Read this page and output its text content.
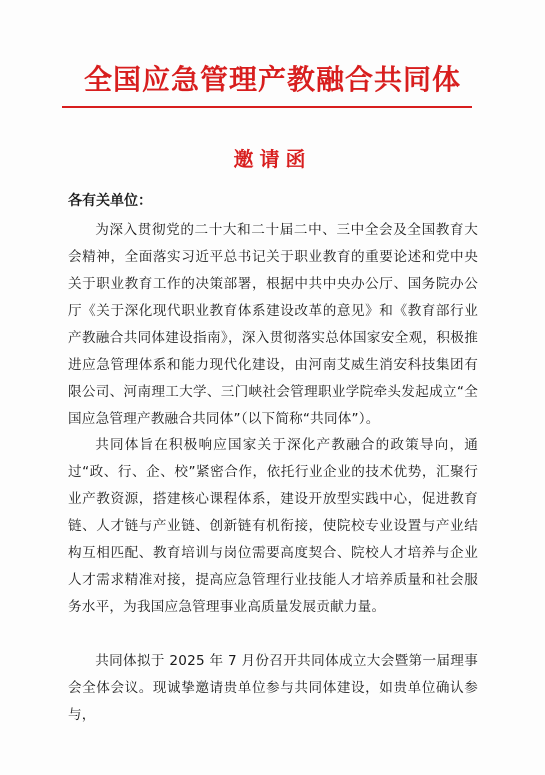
全国应急管理产教融合共同体
邀请函
各有关单位：

为深入贯彻党的二十大和二十届二中、三中全会及全国教育大会精神，全面落实习近平总书记关于职业教育的重要论述和党中央关于职业教育工作的决策部署，根据中共中央办公厅、国务院办公厅《关于深化现代职业教育体系建设改革的意见》和《教育部行业产教融合共同体建设指南》，深入贯彻落实总体国家安全观，积极推进应急管理体系和能力现代化建设，由河南艾威生消安科技集团有限公司、河南理工大学、三门峡社会管理职业学院牵头发起成立“全国应急管理产教融合共同体”（以下简称“共同体”）。

共同体旨在积极响应国家关于深化产教融合的政策导向，通过“政、行、企、校”紧密合作，依托行业企业的技术优势，汇聚行业产教资源，搭建核心课程体系，建设开放型实践中心，促进教育链、人才链与产业链、创新链有机衔接，使院校专业设置与产业结构互相匹配、教育培训与岗位需要高度契合、院校人才培养与企业人才需求精准对接，提高应急管理行业技能人才培养质量和社会服务水平，为我国应急管理事业高质量发展贡献力量。

共同体拟于 2025 年 7 月份召开共同体成立大会暨第一届理事会全体会议。现诚挚邀请贵单位参与共同体建设，如贵单位确认参与，
